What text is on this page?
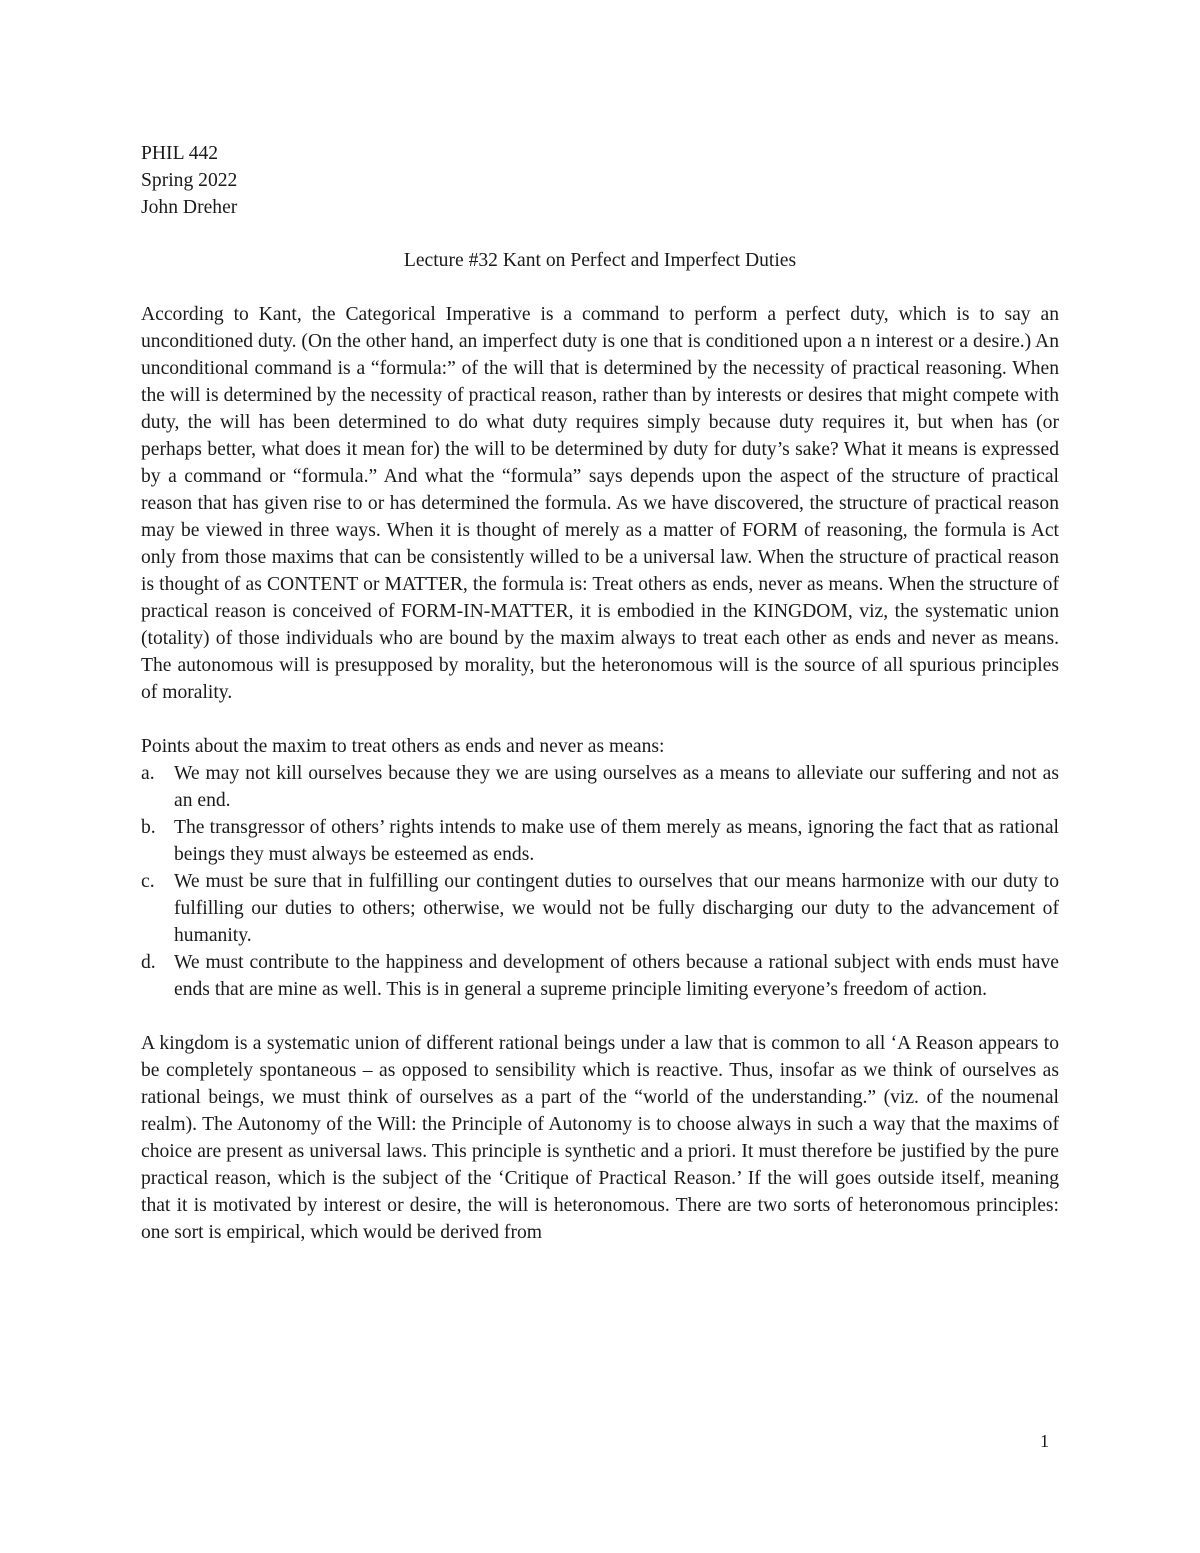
PHIL 442
Spring 2022
John Dreher
Lecture #32 Kant on Perfect and Imperfect Duties

According to Kant, the Categorical Imperative is a command to perform a perfect duty, which is to say an unconditioned duty. (On the other hand, an imperfect duty is one that is conditioned upon a n interest or a desire.) An unconditional command is a “formula:” of the will that is determined by the necessity of practical reasoning. When the will is determined by the necessity of practical reason, rather than by interests or desires that might compete with duty, the will has been determined to do what duty requires simply because duty requires it, but when has (or perhaps better, what does it mean for) the will to be determined by duty for duty’s sake? What it means is expressed by a command or “formula.” And what the “formula” says depends upon the aspect of the structure of practical reason that has given rise to or has determined the formula. As we have discovered, the structure of practical reason may be viewed in three ways. When it is thought of merely as a matter of FORM of reasoning, the formula is Act only from those maxims that can be consistently willed to be a universal law. When the structure of practical reason is thought of as CONTENT or MATTER, the formula is: Treat others as ends, never as means. When the structure of practical reason is conceived of FORM-IN-MATTER, it is embodied in the KINGDOM, viz, the systematic union (totality) of those individuals who are bound by the maxim always to treat each other as ends and never as means. The autonomous will is presupposed by morality, but the heteronomous will is the source of all spurious principles of morality.

Points about the maxim to treat others as ends and never as means:

a. We may not kill ourselves because they we are using ourselves as a means to alleviate our suffering and not as an end.
b. The transgressor of others’ rights intends to make use of them merely as means, ignoring the fact that as rational beings they must always be esteemed as ends.
c. We must be sure that in fulfilling our contingent duties to ourselves that our means harmonize with our duty to fulfilling our duties to others; otherwise, we would not be fully discharging our duty to the advancement of humanity.
d. We must contribute to the happiness and development of others because a rational subject with ends must have ends that are mine as well. This is in general a supreme principle limiting everyone’s freedom of action.

A kingdom is a systematic union of different rational beings under a law that is common to all ‘A Reason appears to be completely spontaneous – as opposed to sensibility which is reactive. Thus, insofar as we think of ourselves as rational beings, we must think of ourselves as a part of the “world of the understanding.” (viz. of the noumenal realm). The Autonomy of the Will: the Principle of Autonomy is to choose always in such a way that the maxims of choice are present as universal laws. This principle is synthetic and a priori. It must therefore be justified by the pure practical reason, which is the subject of the ‘Critique of Practical Reason.’ If the will goes outside itself, meaning that it is motivated by interest or desire, the will is heteronomous. There are two sorts of heteronomous principles: one sort is empirical, which would be derived from

1
